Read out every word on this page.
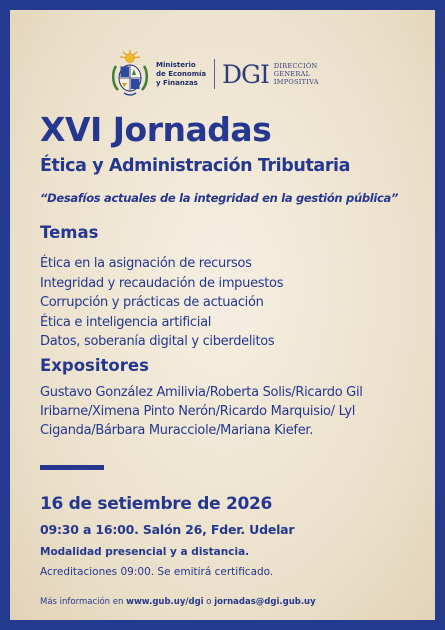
Ministerio
de Economía
y Finanzas DGI DIRECCIÓN
GENERAL
IMPOSITIVA
XVI Jornadas
Ética y Administración Tributaria

“Desafíos actuales de la integridad en la gestión pública”

Temas
Ética en la asignación de recursos
Integridad y recaudación de impuestos
Corrupción y prácticas de actuación
Ética e inteligencia artificial
Datos, soberanía digital y ciberdelitos
Expositores

Gustavo González Amilivia/Roberta Solis/Ricardo Gil Iribarne/Ximena Pinto Nerón/Ricardo Marquisio/ Lyl Ciganda/Bárbara Muracciole/Mariana Kiefer.

16 de setiembre de 2026

09:30 a 16:00. Salón 26, Fder. Udelar

Modalidad presencial y a distancia.

Acreditaciones 09:00. Se emitirá certificado.

Más información en www.gub.uy/dgi o jornadas@dgi.gub.uy
